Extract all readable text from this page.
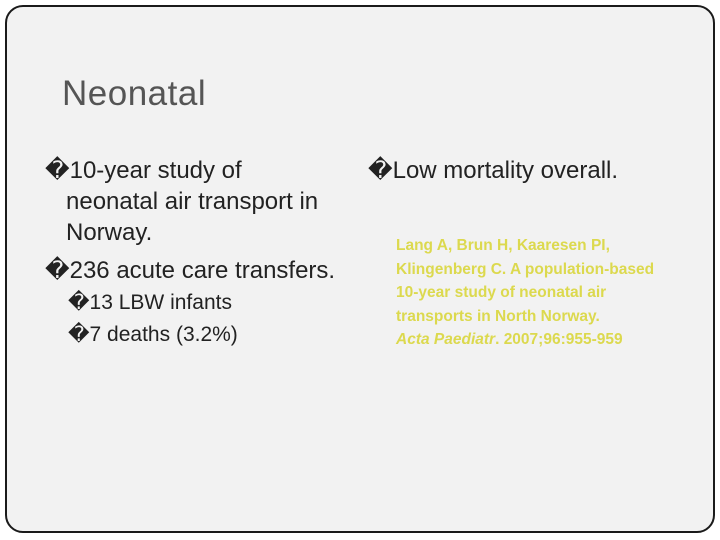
Neonatal
�10-year study of
neonatal air transport in
Norway.
�236 acute care transfers.
�13 LBW infants
�7 deaths (3.2%)
�Low mortality overall.
Lang A, Brun H, Kaaresen PI,
Klingenberg C. A population-based
10-year study of neonatal air
transports in North Norway.
Acta Paediatr. 2007;96:955-959
